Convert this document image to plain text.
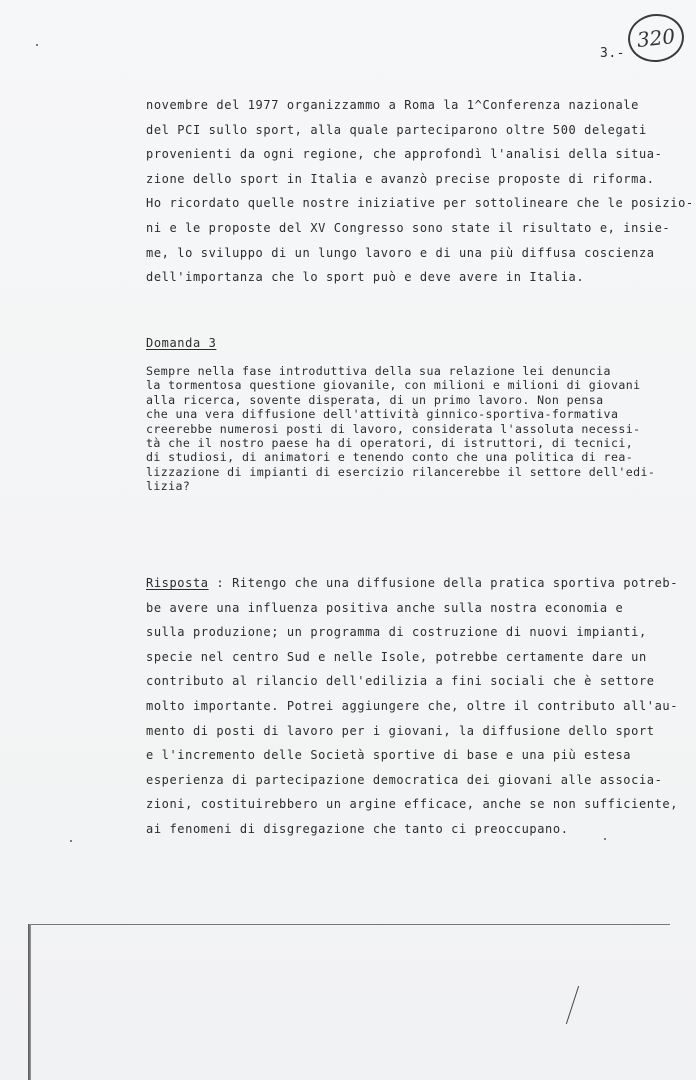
320
3.-
novembre del 1977 organizzammo a Roma la 1^Conferenza nazionale
del PCI sullo sport, alla quale parteciparono oltre 500 delegati
provenienti da ogni regione, che approfondì l'analisi della situa-
zione dello sport in Italia e avanzò precise proposte di riforma.
Ho ricordato quelle nostre iniziative per sottolineare che le posizio-
ni e le proposte del XV Congresso sono state il risultato e, insie-
me, lo sviluppo di un lungo lavoro e di una più diffusa coscienza
dell'importanza che lo sport può e deve avere in Italia.
Domanda 3
Sempre nella fase introduttiva della sua relazione lei denuncia
la tormentosa questione giovanile, con milioni e milioni di giovani
alla ricerca, sovente disperata, di un primo lavoro. Non pensa
che una vera diffusione dell'attività ginnico-sportiva-formativa
creerebbe numerosi posti di lavoro, considerata l'assoluta necessi-
tà che il nostro paese ha di operatori, di istruttori, di tecnici,
di studiosi, di animatori e tenendo conto che una politica di rea-
lizzazione di impianti di esercizio rilancerebbe il settore dell'edi-
lizia?
Risposta : Ritengo che una diffusione della pratica sportiva potreb-
be avere una influenza positiva anche sulla nostra economia e
sulla produzione; un programma di costruzione di nuovi impianti,
specie nel centro Sud e nelle Isole, potrebbe certamente dare un
contributo al rilancio dell'edilizia a fini sociali che è settore
molto importante. Potrei aggiungere che, oltre il contributo all'au-
mento di posti di lavoro per i giovani, la diffusione dello sport
e l'incremento delle Società sportive di base e una più estesa
esperienza di partecipazione democratica dei giovani alle associa-
zioni, costituirebbero un argine efficace, anche se non sufficiente,
ai fenomeni di disgregazione che tanto ci preoccupano.
